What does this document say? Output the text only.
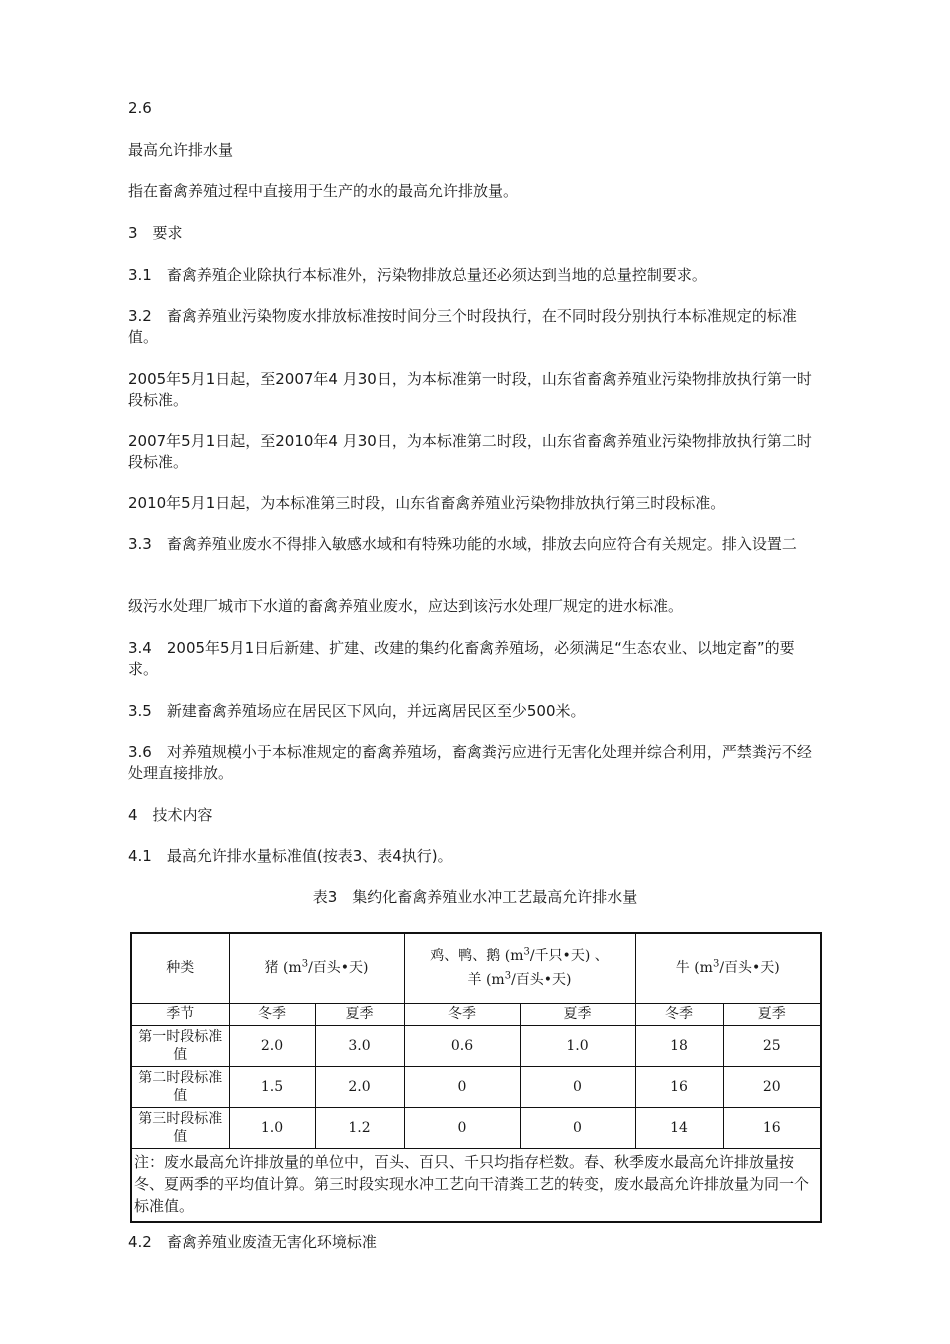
2.6

最高允许排水量

指在畜禽养殖过程中直接用于生产的水的最高允许排放量。

3　要求

3.1　畜禽养殖企业除执行本标准外，污染物排放总量还必须达到当地的总量控制要求。

3.2　畜禽养殖业污染物废水排放标准按时间分三个时段执行，在不同时段分别执行本标准规定的标准值。

2005年5月1日起，至2007年4 月30日，为本标准第一时段，山东省畜禽养殖业污染物排放执行第一时段标准。

2007年5月1日起，至2010年4 月30日，为本标准第二时段，山东省畜禽养殖业污染物排放执行第二时段标准。

2010年5月1日起，为本标准第三时段，山东省畜禽养殖业污染物排放执行第三时段标准。

3.3　畜禽养殖业废水不得排入敏感水域和有特殊功能的水域，排放去向应符合有关规定。排入设置二

级污水处理厂城市下水道的畜禽养殖业废水，应达到该污水处理厂规定的进水标准。

3.4　2005年5月1日后新建、扩建、改建的集约化畜禽养殖场，必须满足“生态农业、以地定畜”的要求。

3.5　新建畜禽养殖场应在居民区下风向，并远离居民区至少500米。

3.6　对养殖规模小于本标准规定的畜禽养殖场，畜禽粪污应进行无害化处理并综合利用，严禁粪污不经处理直接排放。

4　技术内容

4.1　最高允许排水量标准值(按表3、表4执行)。

表3　集约化畜禽养殖业水冲工艺最高允许排水量
种类	猪 ($m^3/$百头•天)		鸡、鸭、鹅 ($m^3/$千只•天) 、
羊 ($m^3/$百头•天)		牛 ($m^3/$百头•天)	
季节	冬季	夏季	冬季	夏季	冬季	夏季
第一时段标准值	2.0	3.0	0.6	1.0	18	25
第二时段标准值	1.5	2.0	0	0	16	20
第三时段标准值	1.0	1.2	0	0	14	16
注：废水最高允许排放量的单位中，百头、百只、千只均指存栏数。春、秋季废水最高允许排放量按冬、夏两季的平均值计算。第三时段实现水冲工艺向干清粪工艺的转变，废水最高允许排放量为同一个标准值。						

4.2　畜禽养殖业废渣无害化环境标准
